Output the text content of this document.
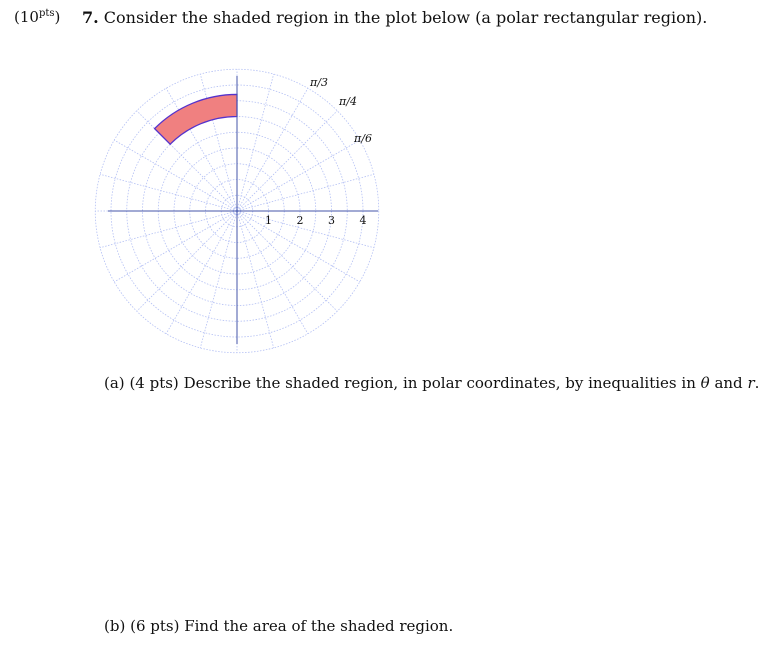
$(10^{pts})$ 7. Consider the shaded region in the plot below (a polar rectangular region).
1 2 3 4
π/3
π/4
π/6
(a) (4 pts) Describe the shaded region, in polar coordinates, by inequalities in θ and r.
(b) (6 pts) Find the area of the shaded region.
